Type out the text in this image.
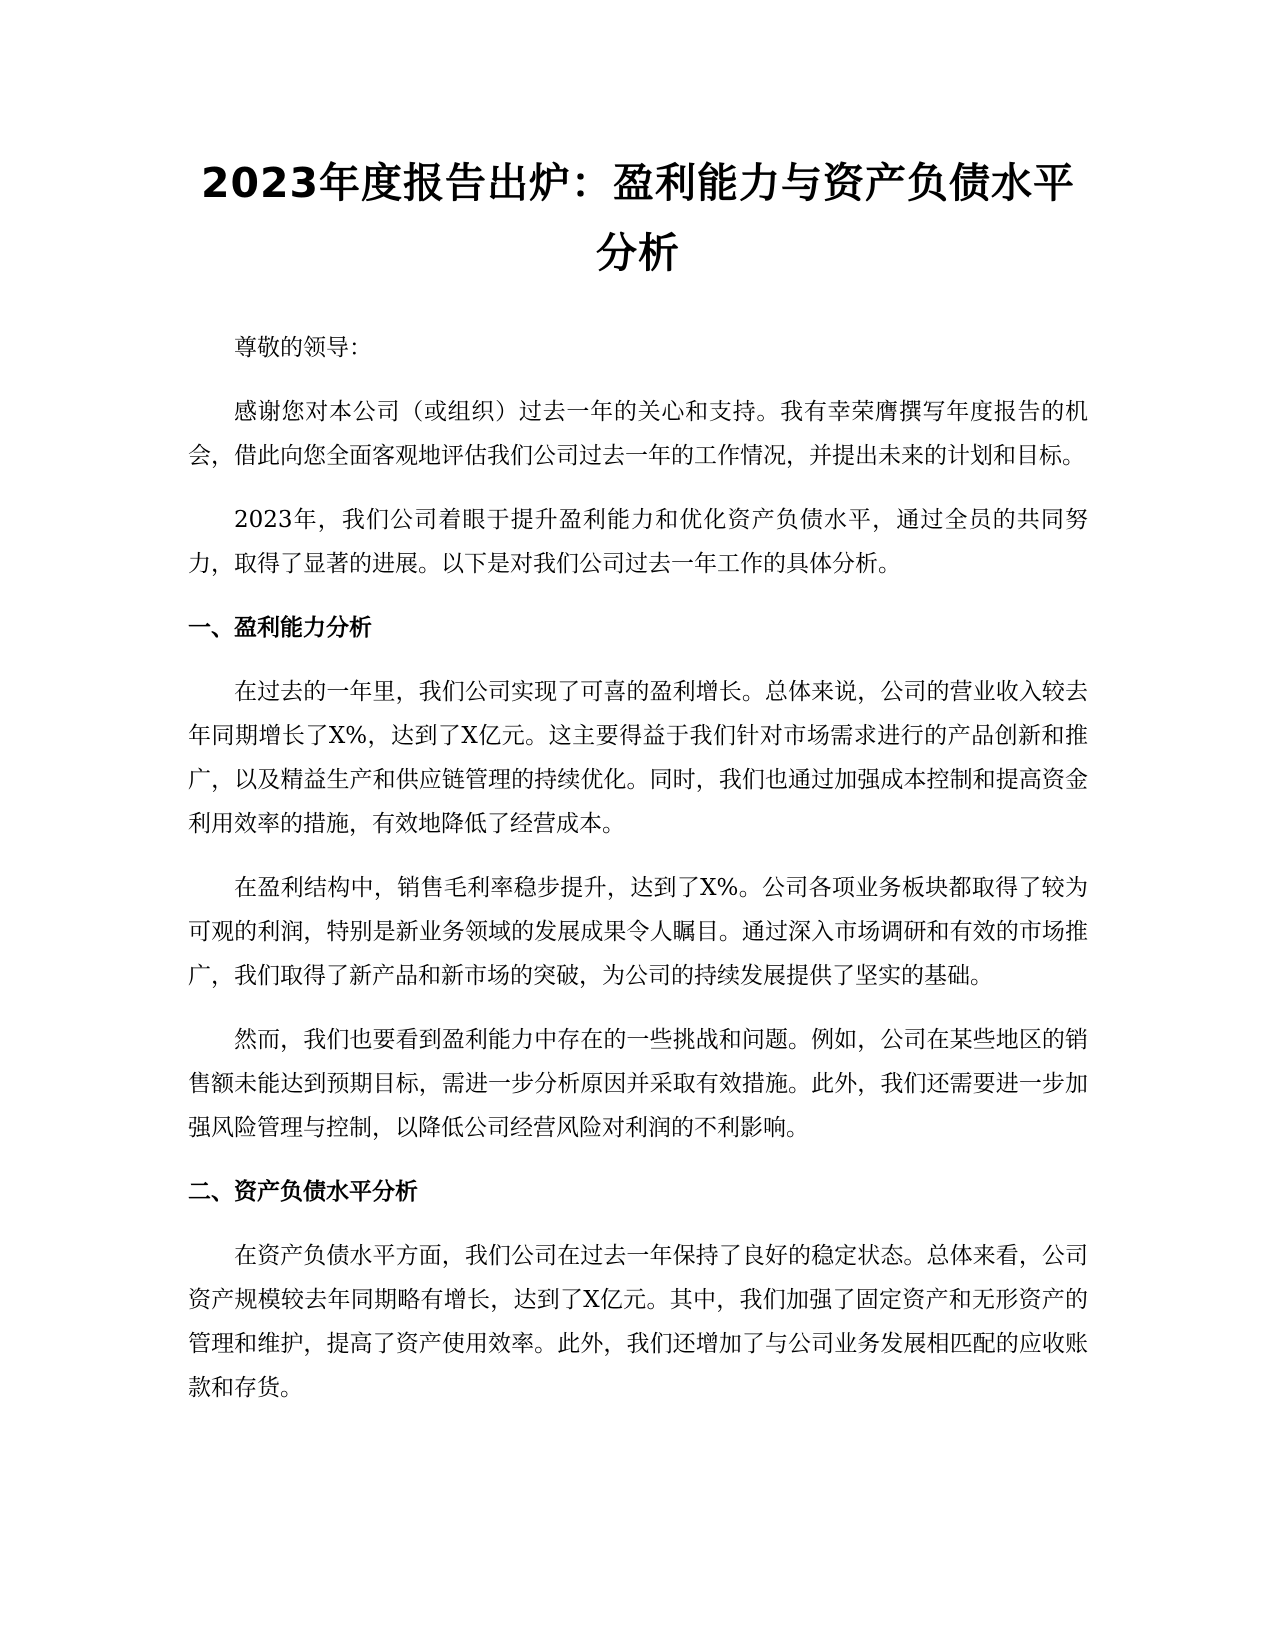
2023年度报告出炉：盈利能力与资产负债水平分析

尊敬的领导：

感谢您对本公司（或组织）过去一年的关心和支持。我有幸荣膺撰写年度报告的机会，借此向您全面客观地评估我们公司过去一年的工作情况，并提出未来的计划和目标。

2023年，我们公司着眼于提升盈利能力和优化资产负债水平，通过全员的共同努力，取得了显著的进展。以下是对我们公司过去一年工作的具体分析。

一、盈利能力分析

在过去的一年里，我们公司实现了可喜的盈利增长。总体来说，公司的营业收入较去年同期增长了X%，达到了X亿元。这主要得益于我们针对市场需求进行的产品创新和推广，以及精益生产和供应链管理的持续优化。同时，我们也通过加强成本控制和提高资金利用效率的措施，有效地降低了经营成本。

在盈利结构中，销售毛利率稳步提升，达到了X%。公司各项业务板块都取得了较为可观的利润，特别是新业务领域的发展成果令人瞩目。通过深入市场调研和有效的市场推广，我们取得了新产品和新市场的突破，为公司的持续发展提供了坚实的基础。

然而，我们也要看到盈利能力中存在的一些挑战和问题。例如，公司在某些地区的销售额未能达到预期目标，需进一步分析原因并采取有效措施。此外，我们还需要进一步加强风险管理与控制，以降低公司经营风险对利润的不利影响。

二、资产负债水平分析

在资产负债水平方面，我们公司在过去一年保持了良好的稳定状态。总体来看，公司资产规模较去年同期略有增长，达到了X亿元。其中，我们加强了固定资产和无形资产的管理和维护，提高了资产使用效率。此外，我们还增加了与公司业务发展相匹配的应收账款和存货。
